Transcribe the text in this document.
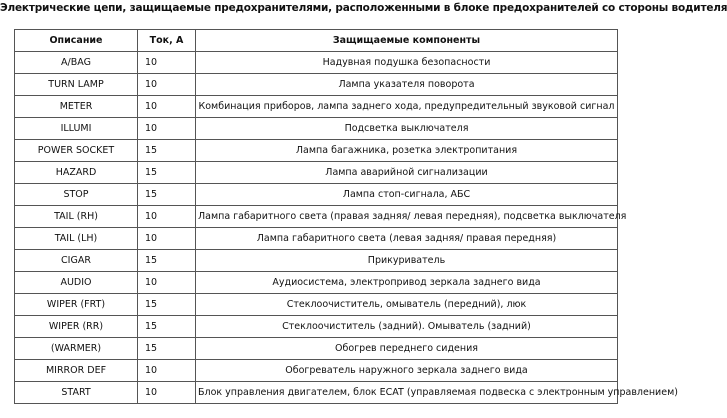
Электрические цепи, защищаемые предохранителями, расположенными в блоке предохранителей со стороны водителя
Описание	Ток, А	Защищаемые компоненты
A/BAG	10	Надувная подушка безопасности
TURN LAMP	10	Лампа указателя поворота
METER	10	Комбинация приборов, лампа заднего хода, предупредительный звуковой сигнал
ILLUMI	10	Подсветка выключателя
POWER SOCKET	15	Лампа багажника, розетка электропитания
HAZARD	15	Лампа аварийной сигнализации
STOP	15	Лампа стоп-сигнала, АБС
TAIL (RH)	10	Лампа габаритного света (правая задняя/ левая передняя), подсветка выключателя
TAIL (LH)	10	Лампа габаритного света (левая задняя/ правая передняя)
CIGAR	15	Прикуриватель
AUDIO	10	Аудиосистема, электропривод зеркала заднего вида
WIPER (FRT)	15	Стеклоочиститель, омыватель (передний), люк
WIPER (RR)	15	Стеклоочиститель (задний). Омыватель (задний)
(WARMER)	15	Обогрев переднего сидения
MIRROR DEF	10	Обогреватель наружного зеркала заднего вида
START	10	Блок управления двигателем, блок ECAT (управляемая подвеска с электронным управлением)
